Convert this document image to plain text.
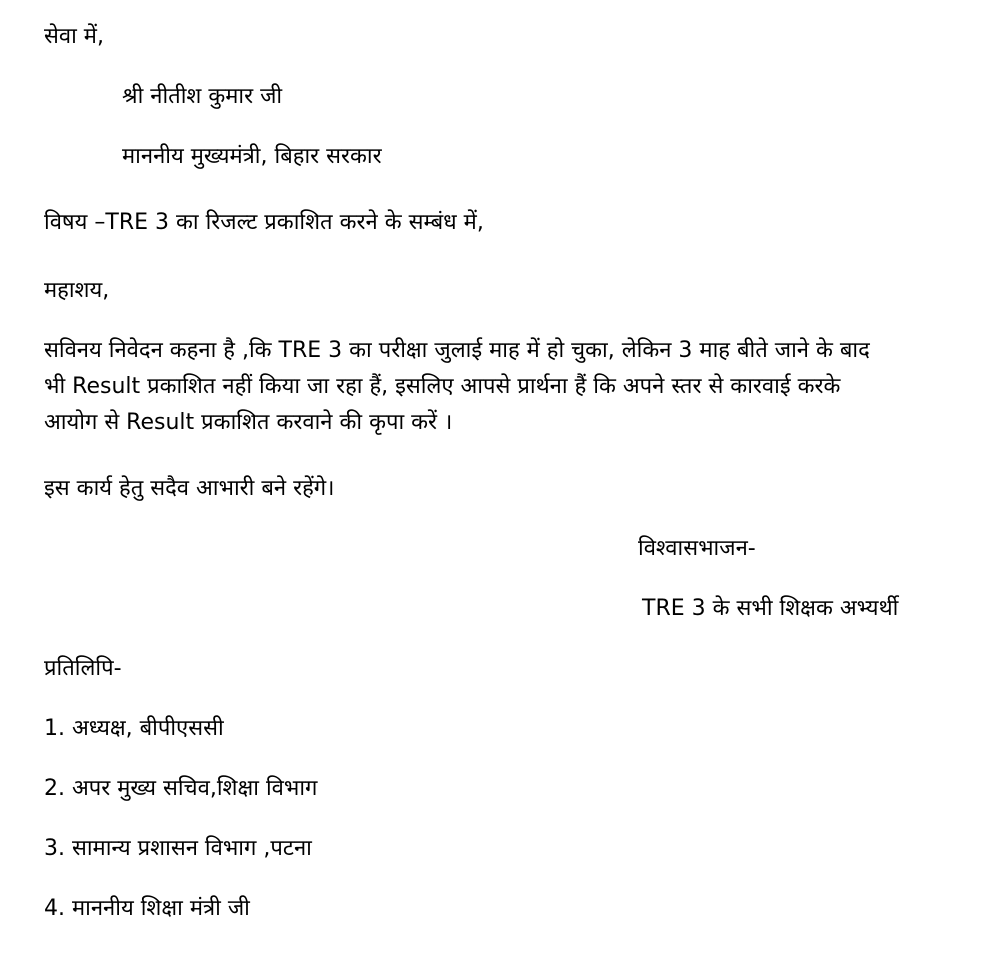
सेवा में,
श्री नीतीश कुमार जी
माननीय मुख्यमंत्री, बिहार सरकार
विषय –TRE 3 का रिजल्ट प्रकाशित करने के सम्बंध में,
महाशय,
सविनय निवेदन कहना है ,कि TRE 3 का परीक्षा जुलाई माह में हो चुका, लेकिन 3 माह बीते जाने के बाद
भी Result प्रकाशित नहीं किया जा रहा हैं, इसलिए आपसे प्रार्थना हैं कि अपने स्तर से कारवाई करके
आयोग से Result प्रकाशित करवाने की कृपा करें ।
इस कार्य हेतु सदैव आभारी बने रहेंगे।
विश्वासभाजन-
TRE 3 के सभी शिक्षक अभ्यर्थी
प्रतिलिपि-
1. अध्यक्ष, बीपीएससी
2. अपर मुख्य सचिव,शिक्षा विभाग
3. सामान्य प्रशासन विभाग ,पटना
4. माननीय शिक्षा मंत्री जी
